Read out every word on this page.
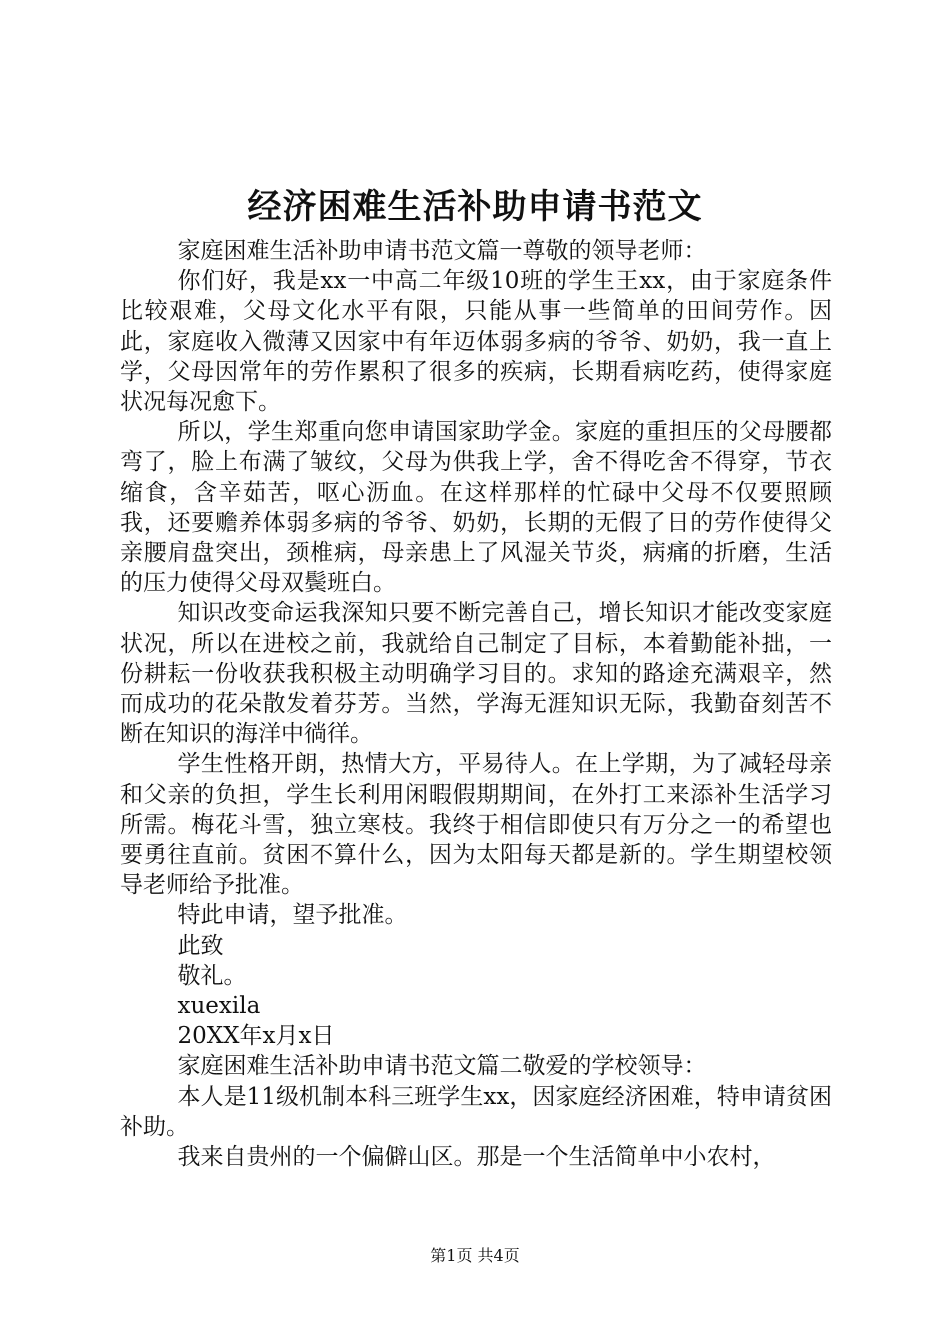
经济困难生活补助申请书范文

家庭困难生活补助申请书范文篇一尊敬的领导老师：

你们好，我是xx一中高二年级10班的学生王xx，由于家庭条件比较艰难，父母文化水平有限，只能从事一些简单的田间劳作。因此，家庭收入微薄又因家中有年迈体弱多病的爷爷、奶奶，我一直上学，父母因常年的劳作累积了很多的疾病，长期看病吃药，使得家庭状况每况愈下。

所以，学生郑重向您申请国家助学金。家庭的重担压的父母腰都弯了，脸上布满了皱纹，父母为供我上学，舍不得吃舍不得穿，节衣缩食，含辛茹苦，呕心沥血。在这样那样的忙碌中父母不仅要照顾我，还要赡养体弱多病的爷爷、奶奶，长期的无假了日的劳作使得父亲腰肩盘突出，颈椎病，母亲患上了风湿关节炎，病痛的折磨，生活的压力使得父母双鬓班白。

知识改变命运我深知只要不断完善自己，增长知识才能改变家庭状况，所以在进校之前，我就给自己制定了目标，本着勤能补拙，一份耕耘一份收获我积极主动明确学习目的。求知的路途充满艰辛，然而成功的花朵散发着芬芳。当然，学海无涯知识无际，我勤奋刻苦不断在知识的海洋中徜徉。

学生性格开朗，热情大方，平易待人。在上学期，为了减轻母亲和父亲的负担，学生长利用闲暇假期期间，在外打工来添补生活学习所需。梅花斗雪，独立寒枝。我终于相信即使只有万分之一的希望也要勇往直前。贫困不算什么，因为太阳每天都是新的。学生期望校领导老师给予批准。

特此申请，望予批准。

此致

敬礼。

xuexila

20XX年x月x日

家庭困难生活补助申请书范文篇二敬爱的学校领导：

本人是11级机制本科三班学生xx，因家庭经济困难，特申请贫困补助。

我来自贵州的一个偏僻山区。那是一个生活简单中小农村，

第1页 共4页
